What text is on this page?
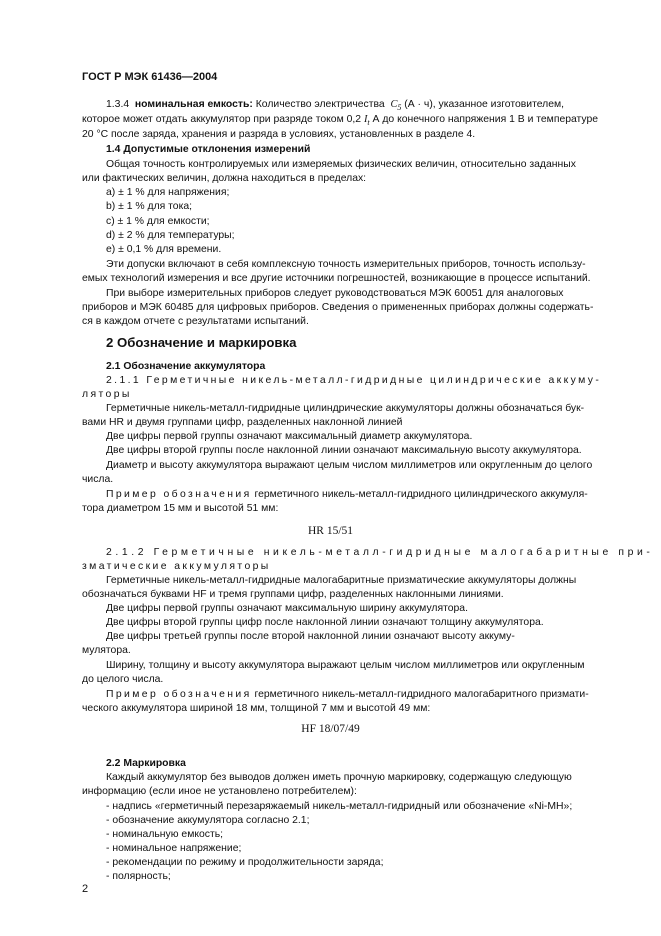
ГОСТ Р МЭК 61436—2004
1.3.4 номинальная емкость: Количество электричества $C_5$ (А · ч), указанное изготовителем,
которое может отдать аккумулятор при разряде током 0,2 $I_t$ А до конечного напряжения 1 В и температуре
20 °C после заряда, хранения и разряда в условиях, установленных в разделе 4.
1.4 Допустимые отклонения измерений
Общая точность контролируемых или измеряемых физических величин, относительно заданных
или фактических величин, должна находиться в пределах:
а) ± 1 % для напряжения;
b) ± 1 % для тока;
с) ± 1 % для емкости;
d) ± 2 % для температуры;
е) ± 0,1 % для времени.
Эти допуски включают в себя комплексную точность измерительных приборов, точность использу-
емых технологий измерения и все другие источники погрешностей, возникающие в процессе испытаний.
При выборе измерительных приборов следует руководствоваться МЭК 60051 для аналоговых
приборов и МЭК 60485 для цифровых приборов. Сведения о примененных приборах должны содержать-
ся в каждом отчете с результатами испытаний.
2 Обозначение и маркировка
2.1 Обозначение аккумулятора
2.1.1 Герметичные никель-металл-гидридные цилиндрические аккуму-
ляторы
Герметичные никель-металл-гидридные цилиндрические аккумуляторы должны обозначаться бук-
вами HR и двумя группами цифр, разделенных наклонной линией
Две цифры первой группы означают максимальный диаметр аккумулятора.
Две цифры второй группы после наклонной линии означают максимальную высоту аккумулятора.
Диаметр и высоту аккумулятора выражают целым числом миллиметров или округленным до целого
числа.
Пример обозначения герметичного никель-металл-гидридного цилиндрического аккумуля-
тора диаметром 15 мм и высотой 51 мм:
HR 15/51
2.1.2 Герметичные никель-металл-гидридные малогабаритные при-
зматические аккумуляторы
Герметичные никель-металл-гидридные малогабаритные призматические аккумуляторы должны
обозначаться буквами HF и тремя группами цифр, разделенных наклонными линиями.
Две цифры первой группы означают максимальную ширину аккумулятора.
Две цифры второй группы цифр после наклонной линии означают толщину аккумулятора.
Две цифры третьей группы после второй наклонной линии означают высоту аккуму-
мулятора.
Ширину, толщину и высоту аккумулятора выражают целым числом миллиметров или округленным
до целого числа.
Пример обозначения герметичного никель-металл-гидридного малогабаритного призмати-
ческого аккумулятора шириной 18 мм, толщиной 7 мм и высотой 49 мм:
HF 18/07/49
2.2 Маркировка
Каждый аккумулятор без выводов должен иметь прочную маркировку, содержащую следующую
информацию (если иное не установлено потребителем):
- надпись «герметичный перезаряжаемый никель-металл-гидридный или обозначение «Ni-MH»;
- обозначение аккумулятора согласно 2.1;
- номинальную емкость;
- номинальное напряжение;
- рекомендации по режиму и продолжительности заряда;
- полярность;
2
